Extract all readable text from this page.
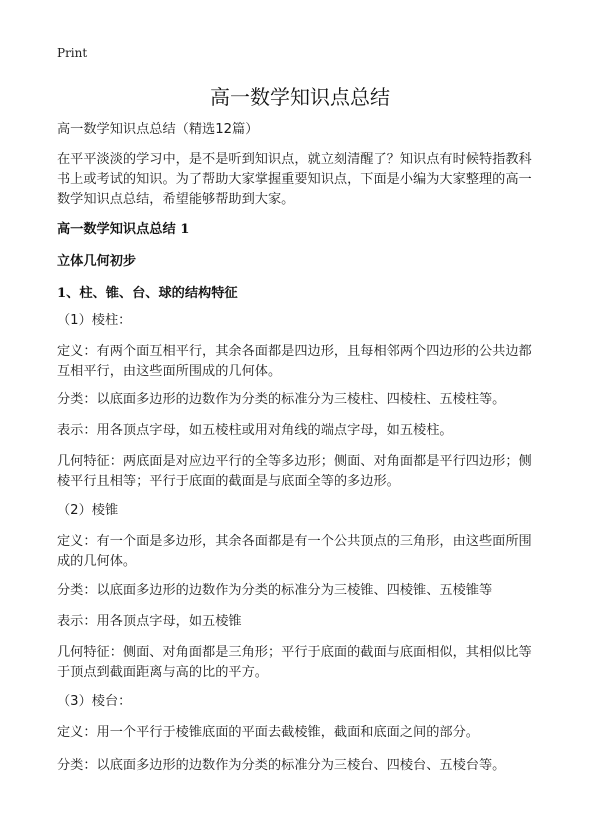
Print
高一数学知识点总结
高一数学知识点总结（精选12篇）
在平平淡淡的学习中，是不是听到知识点，就立刻清醒了？知识点有时候特指教科
书上或考试的知识。为了帮助大家掌握重要知识点，下面是小编为大家整理的高一
数学知识点总结，希望能够帮助到大家。
高一数学知识点总结 1
立体几何初步
1、柱、锥、台、球的结构特征
（1）棱柱：
定义：有两个面互相平行，其余各面都是四边形，且每相邻两个四边形的公共边都
互相平行，由这些面所围成的几何体。
分类：以底面多边形的边数作为分类的标准分为三棱柱、四棱柱、五棱柱等。
表示：用各顶点字母，如五棱柱或用对角线的端点字母，如五棱柱。
几何特征：两底面是对应边平行的全等多边形；侧面、对角面都是平行四边形；侧
棱平行且相等；平行于底面的截面是与底面全等的多边形。
（2）棱锥
定义：有一个面是多边形，其余各面都是有一个公共顶点的三角形，由这些面所围
成的几何体。
分类：以底面多边形的边数作为分类的标准分为三棱锥、四棱锥、五棱锥等
表示：用各顶点字母，如五棱锥
几何特征：侧面、对角面都是三角形；平行于底面的截面与底面相似，其相似比等
于顶点到截面距离与高的比的平方。
（3）棱台：
定义：用一个平行于棱锥底面的平面去截棱锥，截面和底面之间的部分。
分类：以底面多边形的边数作为分类的标准分为三棱台、四棱台、五棱台等。
